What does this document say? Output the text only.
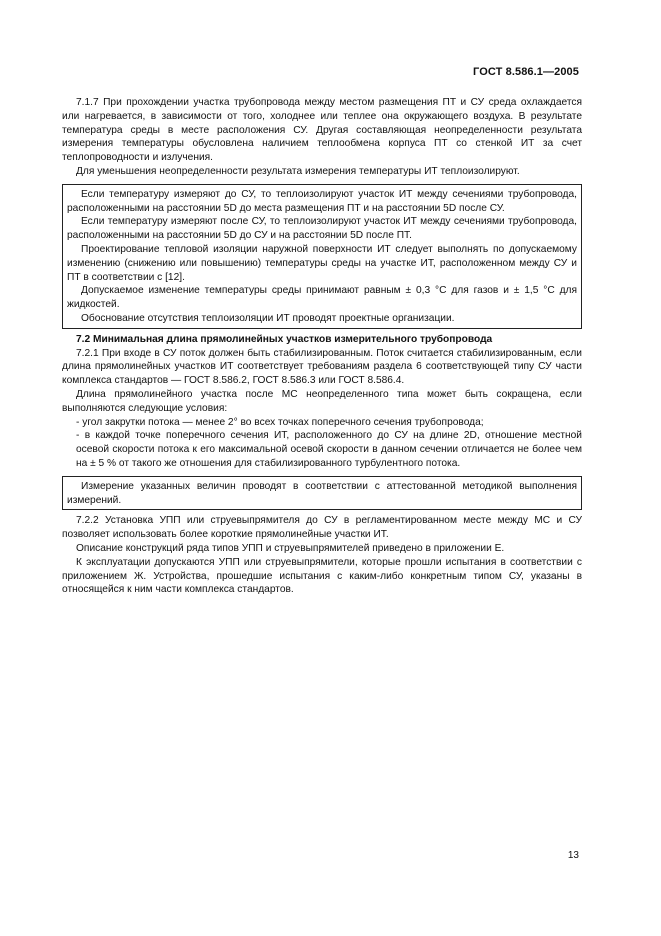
ГОСТ 8.586.1—2005

7.1.7 При прохождении участка трубопровода между местом размещения ПТ и СУ среда охлаждается или нагревается, в зависимости от того, холоднее или теплее она окружающего воздуха. В результате температура среды в месте расположения СУ. Другая составляющая неопределенности результата измерения температуры обусловлена наличием теплообмена корпуса ПТ со стенкой ИТ за счет теплопроводности и излучения.

Для уменьшения неопределенности результата измерения температуры ИТ теплоизолируют.

Если температуру измеряют до СУ, то теплоизолируют участок ИТ между сечениями трубопровода, расположенными на расстоянии 5D до места размещения ПТ и на расстоянии 5D после СУ.

Если температуру измеряют после СУ, то теплоизолируют участок ИТ между сечениями трубопровода, расположенными на расстоянии 5D до СУ и на расстоянии 5D после ПТ.

Проектирование тепловой изоляции наружной поверхности ИТ следует выполнять по допускаемому изменению (снижению или повышению) температуры среды на участке ИТ, расположенном между СУ и ПТ в соответствии с [12].

Допускаемое изменение температуры среды принимают равным ± 0,3 °С для газов и ± 1,5 °С для жидкостей.

Обоснование отсутствия теплоизоляции ИТ проводят проектные организации.

7.2 Минимальная длина прямолинейных участков измерительного трубопровода

7.2.1 При входе в СУ поток должен быть стабилизированным. Поток считается стабилизированным, если длина прямолинейных участков ИТ соответствует требованиям раздела 6 соответствующей типу СУ части комплекса стандартов — ГОСТ 8.586.2, ГОСТ 8.586.3 или ГОСТ 8.586.4.

Длина прямолинейного участка после МС неопределенного типа может быть сокращена, если выполняются следующие условия:

- угол закрутки потока — менее 2° во всех точках поперечного сечения трубопровода;

- в каждой точке поперечного сечения ИТ, расположенного до СУ на длине 2D, отношение местной осевой скорости потока к его максимальной осевой скорости в данном сечении отличается не более чем на ± 5 % от такого же отношения для стабилизированного турбулентного потока.

Измерение указанных величин проводят в соответствии с аттестованной методикой выполнения измерений.

7.2.2 Установка УПП или струевыпрямителя до СУ в регламентированном месте между МС и СУ позволяет использовать более короткие прямолинейные участки ИТ.

Описание конструкций ряда типов УПП и струевыпрямителей приведено в приложении Е.

К эксплуатации допускаются УПП или струевыпрямители, которые прошли испытания в соответствии с приложением Ж. Устройства, прошедшие испытания с каким-либо конкретным типом СУ, указаны в относящейся к ним части комплекса стандартов.

13
